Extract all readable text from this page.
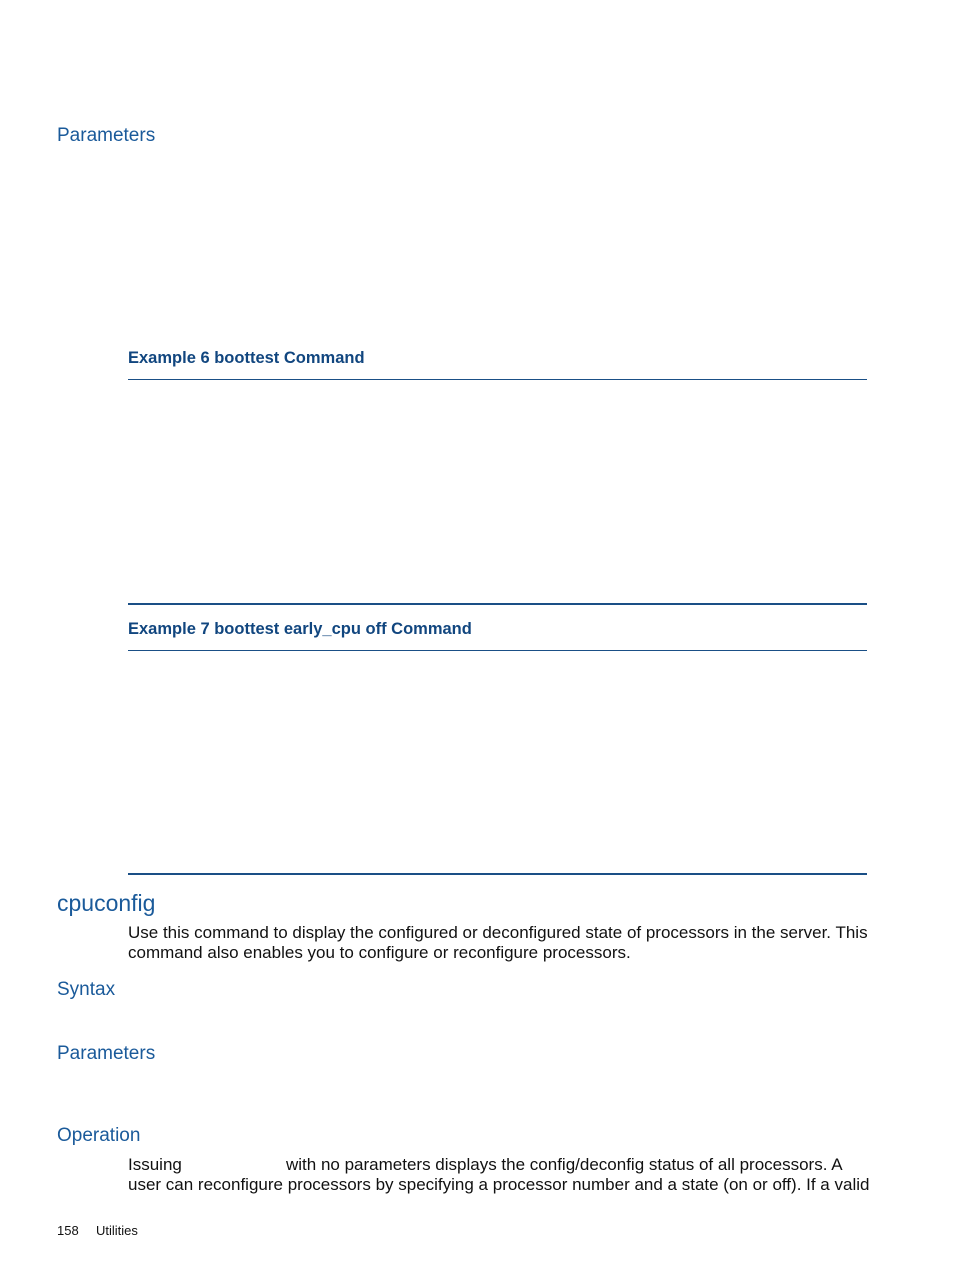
Parameters
Example 6 boottest Command
Example 7 boottest early_cpu off Command
cpuconfig
Use this command to display the configured or deconfigured state of processors in the server. This
command also enables you to configure or reconfigure processors.
Syntax
Parameters
Operation
Issuing	with no parameters displays the config/deconfig status of all processors. A
user can reconfigure processors by specifying a processor number and a state (on or off). If a valid
158 Utilities
